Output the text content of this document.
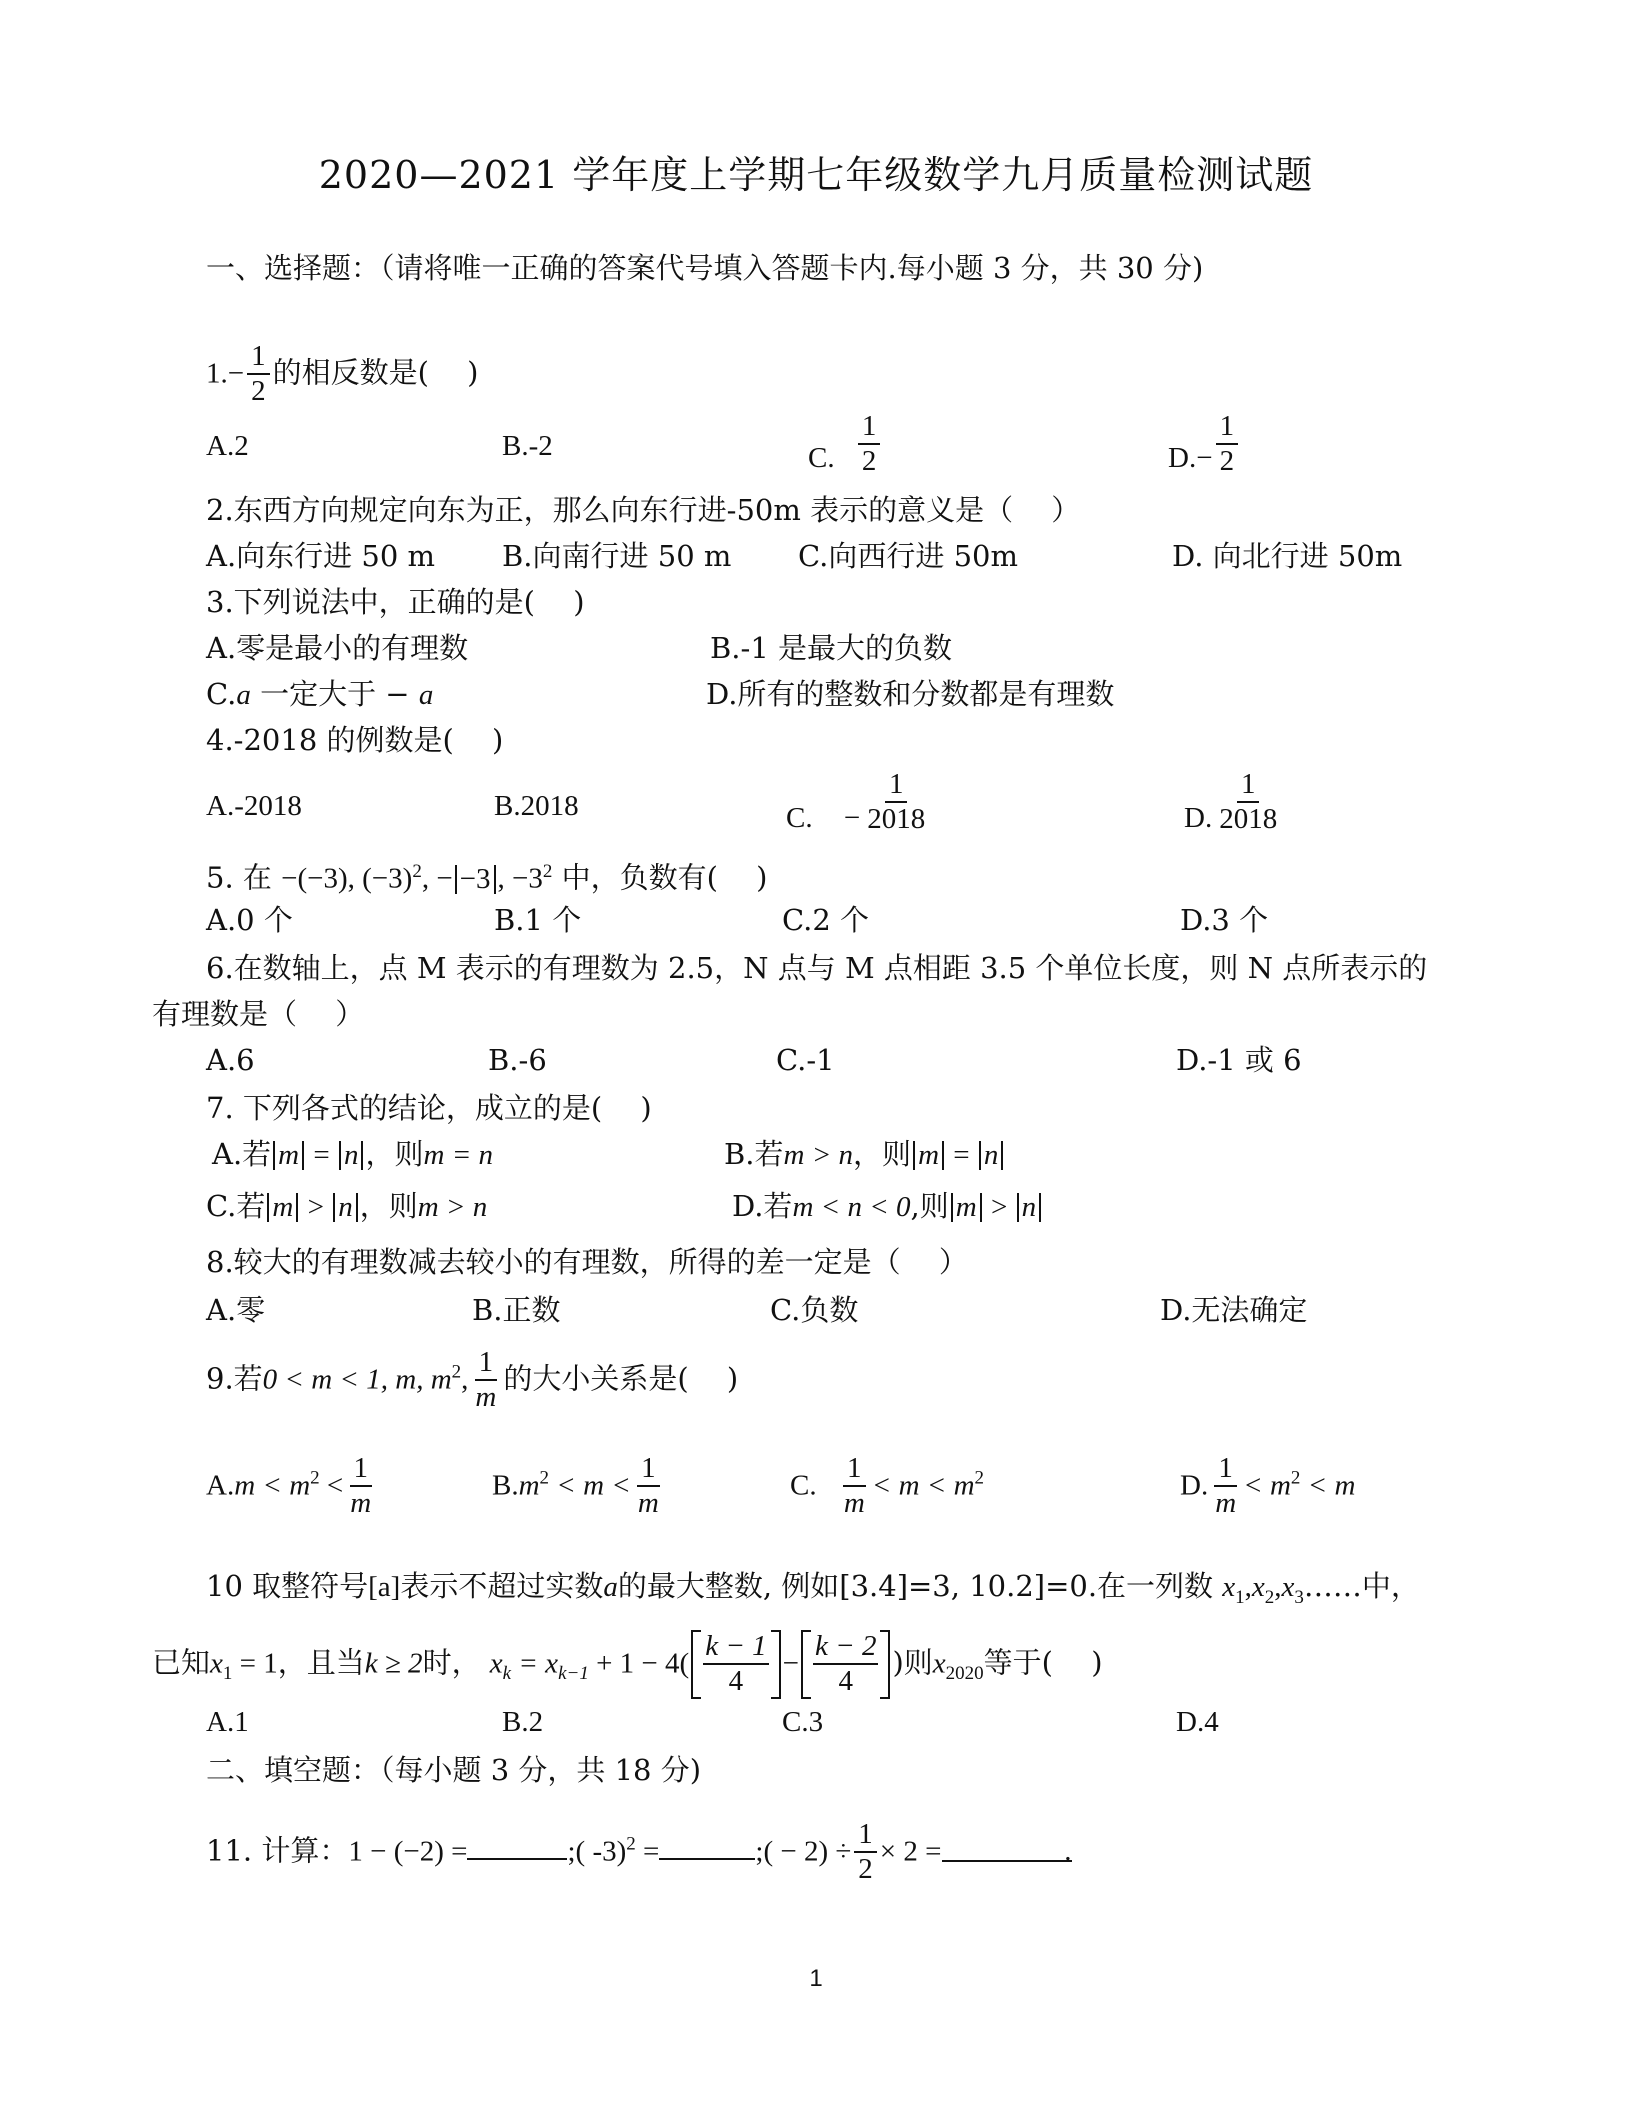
2020—2021 学年度上学期七年级数学九月质量检测试题
一、选择题：（请将唯一正确的答案代号填入答题卡内.每小题 3 分，共 30 分)
$1.- \frac{1}{2}$ 的相反数是(　 )
A.2	B.-2	C. $\frac{1}{2}$	$D.- \frac{1}{2}$
2.东西方向规定向东为正，那么向东行进-50m 表示的意义是（　 ）
A.向东行进 50 m B.向南行进 50 m C.向西行进 50m	D. 向北行进 50m
3.下列说法中，正确的是(　 )
A.零是最小的有理数	B.-1 是最大的负数
C.a 一定大于 − a	D.所有的整数和分数都是有理数
4.-2018 的例数是(　 )
A.-2018	B.2018	C. − $\frac{1}{2018}$	D. $\frac{1}{2018}$
5. 在 −(−3), $(-3)^2$, − −3 , $-3^2$ 中，负数有(　 )
A.0 个	B.1 个	C.2 个	D.3 个
6.在数轴上，点 M 表示的有理数为 2.5，N 点与 M 点相距 3.5 个单位长度，则 N 点所表示的
有理数是（　 ）
A.6	B.-6	C.-1	D.-1 或 6
7. 下列各式的结论，成立的是(　 )
A.若 m = n ，则m = n	B.若m > n，则 m = n
C.若 m > n ，则m > n	D.若m < n < 0,则 m > n
8.较大的有理数减去较小的有理数，所得的差一定是（　 ）
A.零	B.正数	C.负数	D.无法确定
9.若0 < m < 1, m, $m^2$, $\frac{1}{m}$ 的大小关系是(　 )
$A.m < m^2 < \frac{1}{m}$	$B.m^2 < m < \frac{1}{m}$	C. $\frac{1}{m} < m < m^2$	D. $\frac{1}{m} < m^2 < m$
10 取整符号[a]表示不超过实数a的最大整数, 例如[3.4]=3, 10.2]=0.在一列数 $x_1,x_2,x_3\dots\dots$中，
已知$x_1 = 1$，且当k ≥ 2时， $x_k = x_{k-1} + 1 - 4( \frac{k - 1}{4} - \frac{k - 2}{4}$ )则$x_{2020}$等于(　 )
A.1	B.2	C.3	D.4
二、填空题：（每小题 3 分，共 18 分)
11. 计算：1 − (−2) =	;( -3)$^2$ =	;( − $2) \div \frac{1}{2} \times 2$ =	.
1
